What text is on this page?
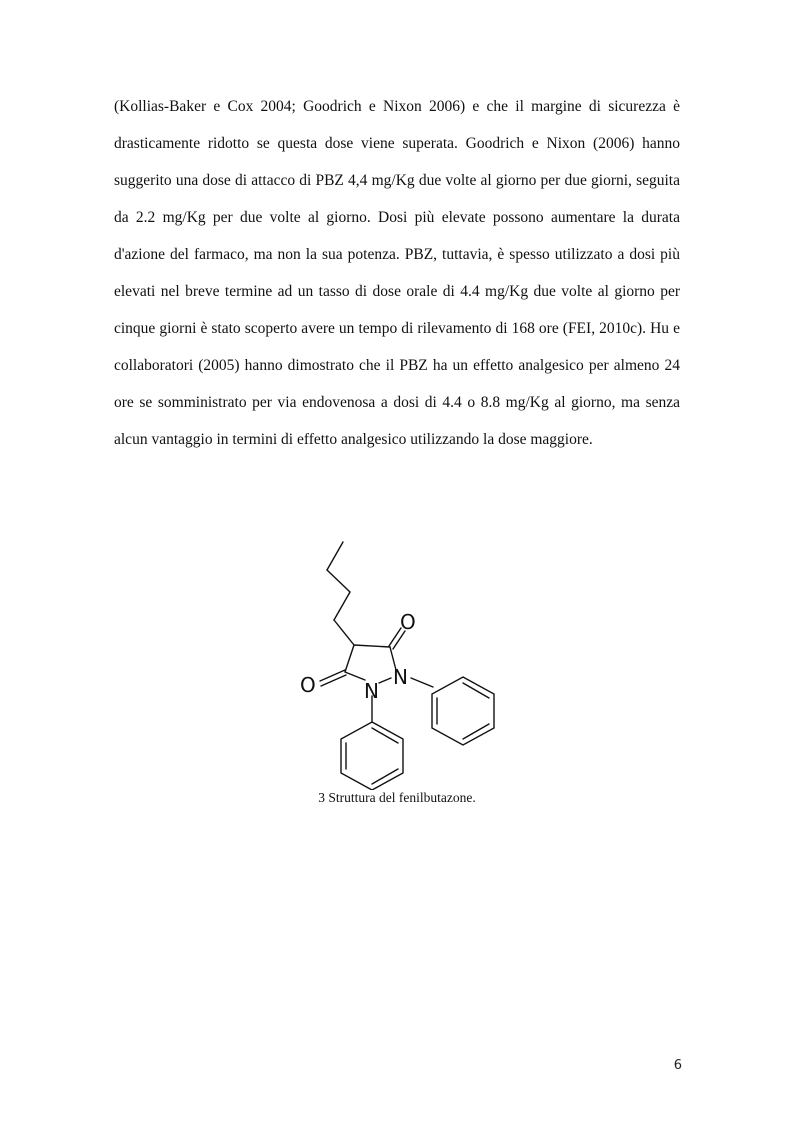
(Kollias-Baker e Cox 2004; Goodrich e Nixon 2006) e che il margine di sicurezza è drasticamente ridotto se questa dose viene superata. Goodrich e Nixon (2006) hanno suggerito una dose di attacco di PBZ 4,4 mg/Kg due volte al giorno per due giorni, seguita da 2.2 mg/Kg per due volte al giorno. Dosi più elevate possono aumentare la durata d'azione del farmaco, ma non la sua potenza. PBZ, tuttavia, è spesso utilizzato a dosi più elevati nel breve termine ad un tasso di dose orale di 4.4 mg/Kg due volte al giorno per cinque giorni è stato scoperto avere un tempo di rilevamento di 168 ore (FEI, 2010c). Hu e collaboratori (2005) hanno dimostrato che il PBZ ha un effetto analgesico per almeno 24 ore se somministrato per via endovenosa a dosi di 4.4 o 8.8 mg/Kg al giorno, ma senza alcun vantaggio in termini di effetto analgesico utilizzando la dose maggiore.

O
O	N
N

3 Struttura del fenilbutazone.

6
